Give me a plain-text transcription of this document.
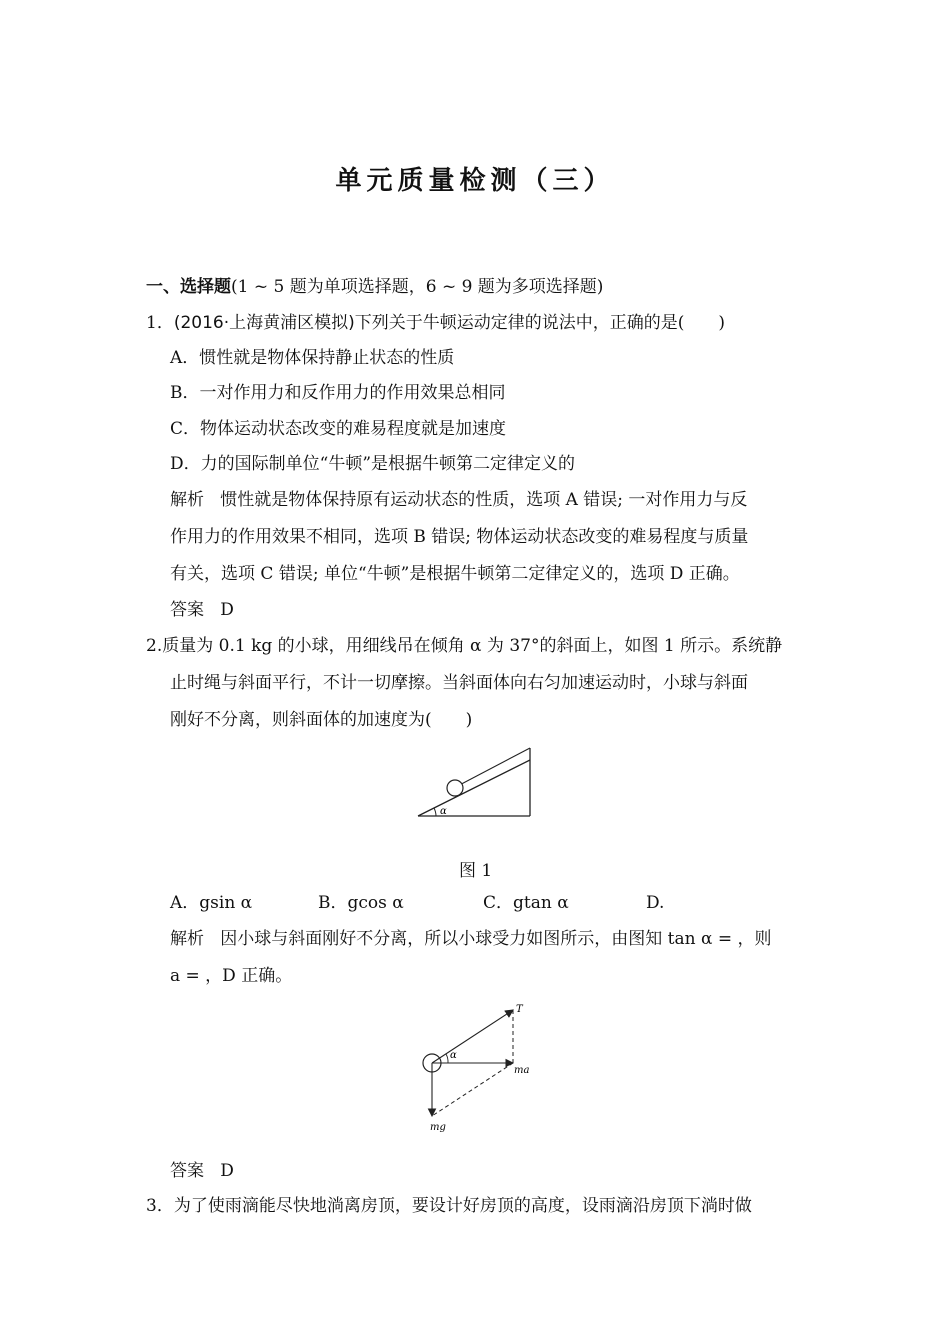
单元质量检测（三）
一、选择题(1 ~ 5 题为单项选择题，6 ~ 9 题为多项选择题)
1．(2016·上海黄浦区模拟)下列关于牛顿运动定律的说法中，正确的是(　　)
A．惯性就是物体保持静止状态的性质
B．一对作用力和反作用力的作用效果总相同
C．物体运动状态改变的难易程度就是加速度
D．力的国际制单位“牛顿”是根据牛顿第二定律定义的
解析 惯性就是物体保持原有运动状态的性质，选项 A 错误; 一对作用力与反
作用力的作用效果不相同，选项 B 错误; 物体运动状态改变的难易程度与质量
有关，选项 C 错误; 单位“牛顿”是根据牛顿第二定律定义的，选项 D 正确。
答案 D
2.质量为 0.1 kg 的小球，用细线吊在倾角 α 为 37°的斜面上，如图 1 所示。系统静
止时绳与斜面平行，不计一切摩擦。当斜面体向右匀加速运动时，小球与斜面
刚好不分离，则斜面体的加速度为(　　)
α
图 1
A．gsin α	B．gcos α	C．gtan α	D.
解析 因小球与斜面刚好不分离，所以小球受力如图所示，由图知 tan α = ，则
a = ，D 正确。
α
T
ma
mg
答案 D
3．为了使雨滴能尽快地淌离房顶，要设计好房顶的高度，设雨滴沿房顶下淌时做
